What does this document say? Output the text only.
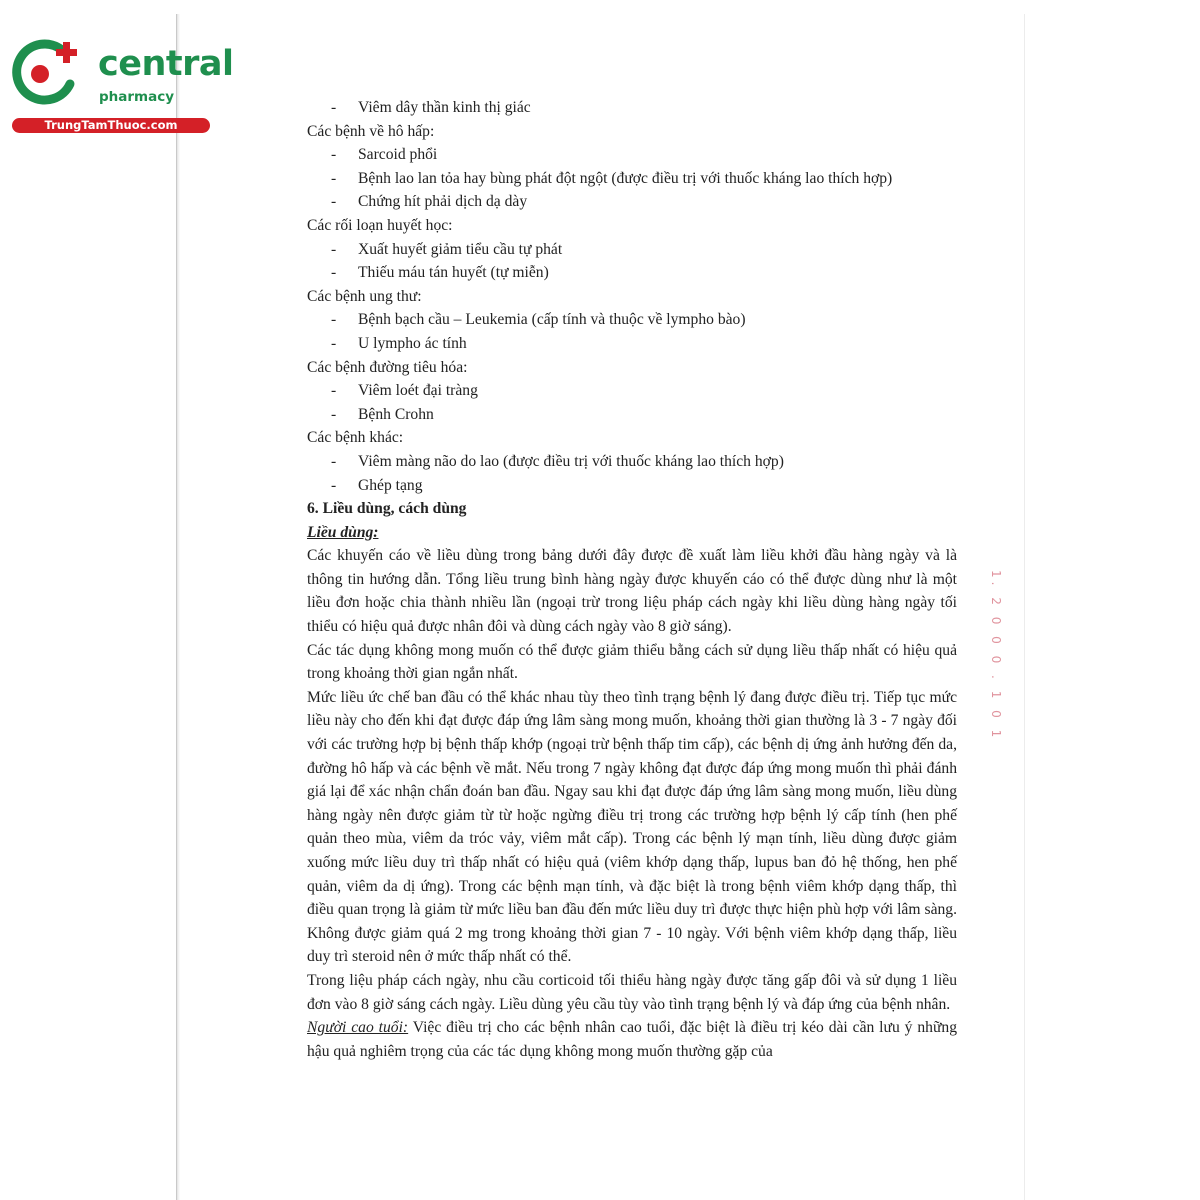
central
pharmacy
TrungTamThuoc.com
1. 2 0 0 0 . 1 0 1
- Viêm dây thần kinh thị giác
Các bệnh về hô hấp:
- Sarcoid phổi
- Bệnh lao lan tỏa hay bùng phát đột ngột (được điều trị với thuốc kháng lao thích hợp)
- Chứng hít phải dịch dạ dày
Các rối loạn huyết học:
- Xuất huyết giảm tiểu cầu tự phát
- Thiếu máu tán huyết (tự miễn)
Các bệnh ung thư:
- Bệnh bạch cầu – Leukemia (cấp tính và thuộc về lympho bào)
- U lympho ác tính
Các bệnh đường tiêu hóa:
- Viêm loét đại tràng
- Bệnh Crohn
Các bệnh khác:
- Viêm màng não do lao (được điều trị với thuốc kháng lao thích hợp)
- Ghép tạng
6. Liều dùng, cách dùng
Liều dùng:
Các khuyến cáo về liều dùng trong bảng dưới đây được đề xuất làm liều khởi đầu hàng ngày và là thông tin hướng dẫn. Tổng liều trung bình hàng ngày được khuyến cáo có thể được dùng như là một liều đơn hoặc chia thành nhiều lần (ngoại trừ trong liệu pháp cách ngày khi liều dùng hàng ngày tối thiểu có hiệu quả được nhân đôi và dùng cách ngày vào 8 giờ sáng).
Các tác dụng không mong muốn có thể được giảm thiểu bằng cách sử dụng liều thấp nhất có hiệu quả trong khoảng thời gian ngắn nhất.
Mức liều ức chế ban đầu có thể khác nhau tùy theo tình trạng bệnh lý đang được điều trị. Tiếp tục mức liều này cho đến khi đạt được đáp ứng lâm sàng mong muốn, khoảng thời gian thường là 3 - 7 ngày đối với các trường hợp bị bệnh thấp khớp (ngoại trừ bệnh thấp tim cấp), các bệnh dị ứng ảnh hưởng đến da, đường hô hấp và các bệnh về mắt. Nếu trong 7 ngày không đạt được đáp ứng mong muốn thì phải đánh giá lại để xác nhận chẩn đoán ban đầu. Ngay sau khi đạt được đáp ứng lâm sàng mong muốn, liều dùng hàng ngày nên được giảm từ từ hoặc ngừng điều trị trong các trường hợp bệnh lý cấp tính (hen phế quản theo mùa, viêm da tróc vảy, viêm mắt cấp). Trong các bệnh lý mạn tính, liều dùng được giảm xuống mức liều duy trì thấp nhất có hiệu quả (viêm khớp dạng thấp, lupus ban đỏ hệ thống, hen phế quản, viêm da dị ứng). Trong các bệnh mạn tính, và đặc biệt là trong bệnh viêm khớp dạng thấp, thì điều quan trọng là giảm từ mức liều ban đầu đến mức liều duy trì được thực hiện phù hợp với lâm sàng. Không được giảm quá 2 mg trong khoảng thời gian 7 - 10 ngày. Với bệnh viêm khớp dạng thấp, liều duy trì steroid nên ở mức thấp nhất có thể.
Trong liệu pháp cách ngày, nhu cầu corticoid tối thiểu hàng ngày được tăng gấp đôi và sử dụng 1 liều đơn vào 8 giờ sáng cách ngày. Liều dùng yêu cầu tùy vào tình trạng bệnh lý và đáp ứng của bệnh nhân.
Người cao tuổi: Việc điều trị cho các bệnh nhân cao tuổi, đặc biệt là điều trị kéo dài cần lưu ý những hậu quả nghiêm trọng của các tác dụng không mong muốn thường gặp của
